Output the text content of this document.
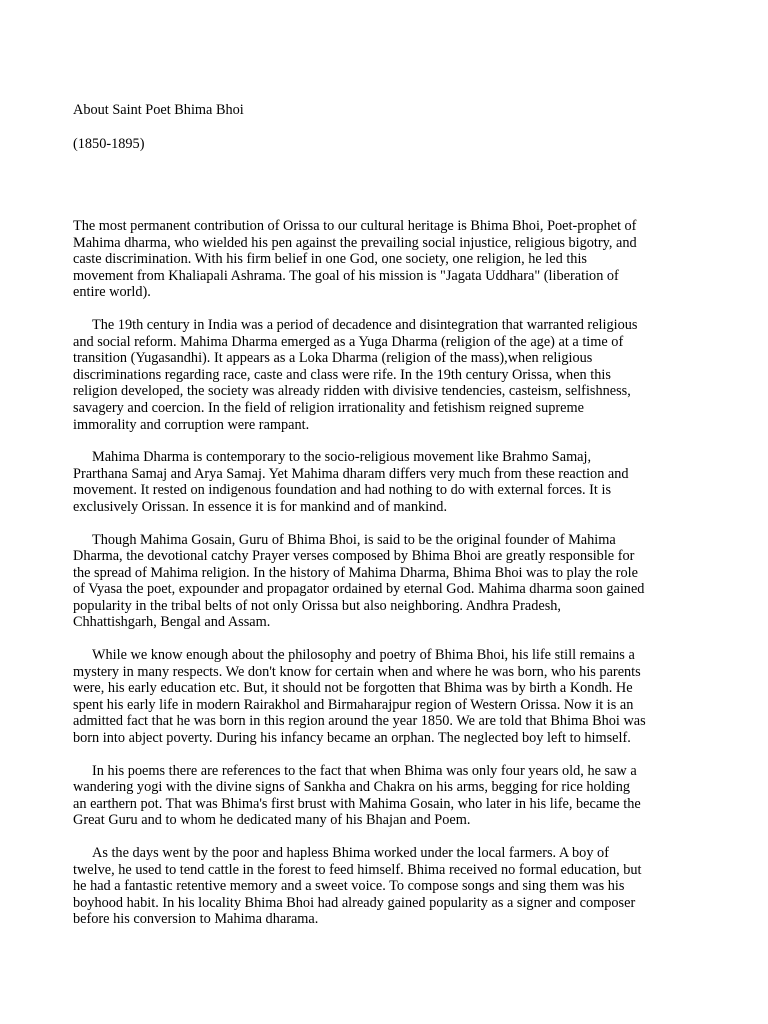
About Saint Poet Bhima Bhoi

(1850-1895)

The most permanent contribution of Orissa to our cultural heritage is Bhima Bhoi, Poet-prophet of
Mahima dharma, who wielded his pen against the prevailing social injustice, religious bigotry, and
caste discrimination. With his firm belief in one God, one society, one religion, he led this
movement from Khaliapali Ashrama. The goal of his mission is "Jagata Uddhara" (liberation of
entire world).

The 19th century in India was a period of decadence and disintegration that warranted religious
and social reform. Mahima Dharma emerged as a Yuga Dharma (religion of the age) at a time of
transition (Yugasandhi). It appears as a Loka Dharma (religion of the mass),when religious
discriminations regarding race, caste and class were rife. In the 19th century Orissa, when this
religion developed, the society was already ridden with divisive tendencies, casteism, selfishness,
savagery and coercion. In the field of religion irrationality and fetishism reigned supreme
immorality and corruption were rampant.

Mahima Dharma is contemporary to the socio-religious movement like Brahmo Samaj,
Prarthana Samaj and Arya Samaj. Yet Mahima dharam differs very much from these reaction and
movement. It rested on indigenous foundation and had nothing to do with external forces. It is
exclusively Orissan. In essence it is for mankind and of mankind.

Though Mahima Gosain, Guru of Bhima Bhoi, is said to be the original founder of Mahima
Dharma, the devotional catchy Prayer verses composed by Bhima Bhoi are greatly responsible for
the spread of Mahima religion. In the history of Mahima Dharma, Bhima Bhoi was to play the role
of Vyasa the poet, expounder and propagator ordained by eternal God. Mahima dharma soon gained
popularity in the tribal belts of not only Orissa but also neighboring. Andhra Pradesh,
Chhattishgarh, Bengal and Assam.

While we know enough about the philosophy and poetry of Bhima Bhoi, his life still remains a
mystery in many respects. We don't know for certain when and where he was born, who his parents
were, his early education etc. But, it should not be forgotten that Bhima was by birth a Kondh. He
spent his early life in modern Rairakhol and Birmaharajpur region of Western Orissa. Now it is an
admitted fact that he was born in this region around the year 1850. We are told that Bhima Bhoi was
born into abject poverty. During his infancy became an orphan. The neglected boy left to himself.

In his poems there are references to the fact that when Bhima was only four years old, he saw a
wandering yogi with the divine signs of Sankha and Chakra on his arms, begging for rice holding
an earthern pot. That was Bhima's first brust with Mahima Gosain, who later in his life, became the
Great Guru and to whom he dedicated many of his Bhajan and Poem.

As the days went by the poor and hapless Bhima worked under the local farmers. A boy of
twelve, he used to tend cattle in the forest to feed himself. Bhima received no formal education, but
he had a fantastic retentive memory and a sweet voice. To compose songs and sing them was his
boyhood habit. In his locality Bhima Bhoi had already gained popularity as a signer and composer
before his conversion to Mahima dharama.
